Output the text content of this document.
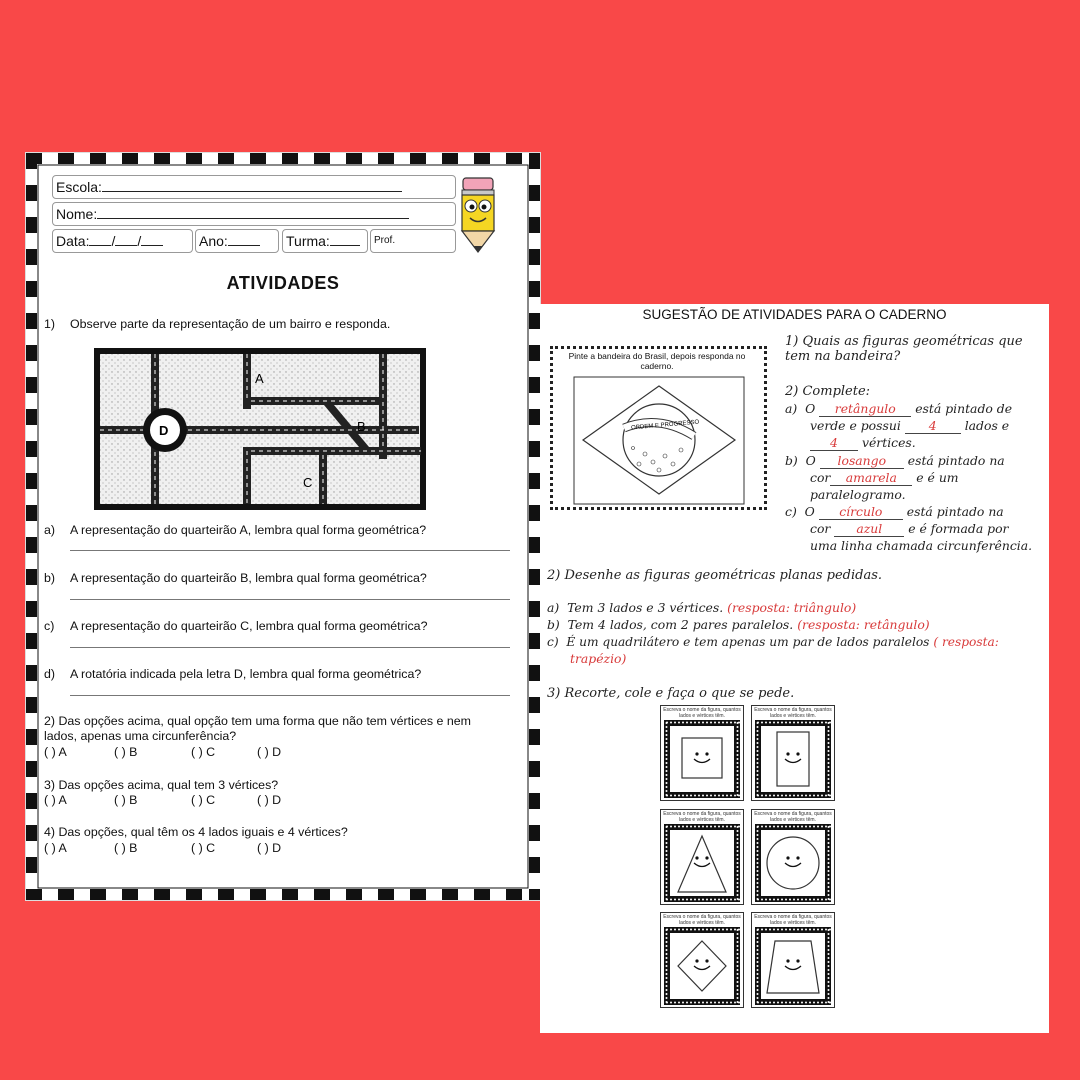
Escola:
Nome:
Data: / /	Ano:	Turma:	Prof.
ATIVIDADES
1) Observe parte da representação de um bairro e responda.
D
A
B
C
a) A representação do quarteirão A, lembra qual forma geométrica?
b) A representação do quarteirão B, lembra qual forma geométrica?
c) A representação do quarteirão C, lembra qual forma geométrica?
d) A rotatória indicada pela letra D, lembra qual forma geométrica?
2) Das opções acima, qual opção tem uma forma que não tem vértices e nem
lados, apenas uma circunferência?
( ) A	( ) B	( ) C	( ) D
3) Das opções acima, qual tem 3 vértices?
( ) A	( ) B	( ) C	( ) D
4) Das opções, qual têm os 4 lados iguais e 4 vértices?
( ) A	( ) B	( ) C	( ) D
SUGESTÃO DE ATIVIDADES PARA O CADERNO
Pinte a bandeira do Brasil, depois responda no caderno.
ORDEM E PROGRESSO
1) Quais as figuras geométricas que
tem na bandeira?
2) Complete:
a) O retângulo está pintado de
verde e possui 4 lados e
4 vértices.
b) O losango está pintado na
cor amarela e é um
paralelogramo.
c) O círculo está pintado na
cor azul e é formada por
uma linha chamada circunferência.
2) Desenhe as figuras geométricas planas pedidas.
a) Tem 3 lados e 3 vértices. (resposta: triângulo)
b) Tem 4 lados, com 2 pares paralelos. (resposta: retângulo)
c) É um quadrilátero e tem apenas um par de lados paralelos ( resposta:
trapézio)
3) Recorte, cole e faça o que se pede.
Escreva o nome da figura, quantos lados e vértices têm.
Escreva o nome da figura, quantos lados e vértices têm.
Escreva o nome da figura, quantos lados e vértices têm.
Escreva o nome da figura, quantos lados e vértices têm.
Escreva o nome da figura, quantos lados e vértices têm.
Escreva o nome da figura, quantos lados e vértices têm.
